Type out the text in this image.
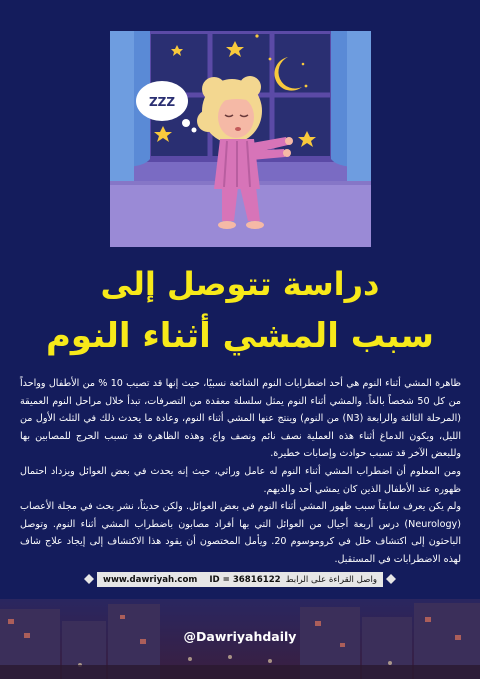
ZZZ
دراسة تتوصل إلى
سبب المشي أثناء النوم

ظاهرة المشي أثناء النوم هي أحد اضطرابات النوم الشائعة نسبيًا، حيث إنها قد تصيب 10 % من الأطفال وواحداً من كل 50 شخصاً بالغاً. والمشي أثناء النوم يمثل سلسلة معقدة من التصرفات، تبدأ خلال مراحل النوم العميقة (المرحلة الثالثة والرابعة (N3) من النوم) وينتج عنها المشي أثناء النوم، وعادة ما يحدث ذلك في الثلث الأول من الليل، ويكون الدماغ أثناء هذه العملية نصف نائم ونصف واع. وهذه الظاهرة قد تسبب الحرج للمصابين بها وللبعض الآخر قد تسبب حوادث وإصابات خطيرة.

ومن المعلوم أن اضطراب المشي أثناء النوم له عامل وراثي، حيث إنه يحدث في بعض العوائل ويزداد احتمال ظهوره عند الأطفال الذين كان يمشي أحد والديهم.

ولم يكن يعرف سابقاً سبب ظهور المشي أثناء النوم في بعض العوائل. ولكن حديثاً، نشر بحث في مجلة الأعصاب (Neurology) درس أربعة أجيال من العوائل التي بها أفراد مصابون باضطراب المشي أثناء النوم. وتوصل الباحثون إلى اكتشاف خلل في كروموسوم 20. ويأمل المختصون أن يقود هذا الاكتشاف إلى إيجاد علاج شاف لهذه الاضطرابات في المستقبل.

www.dawriyah.com ID = 36816122 واصل القراءة على الرابط
@Dawriyahdaily
